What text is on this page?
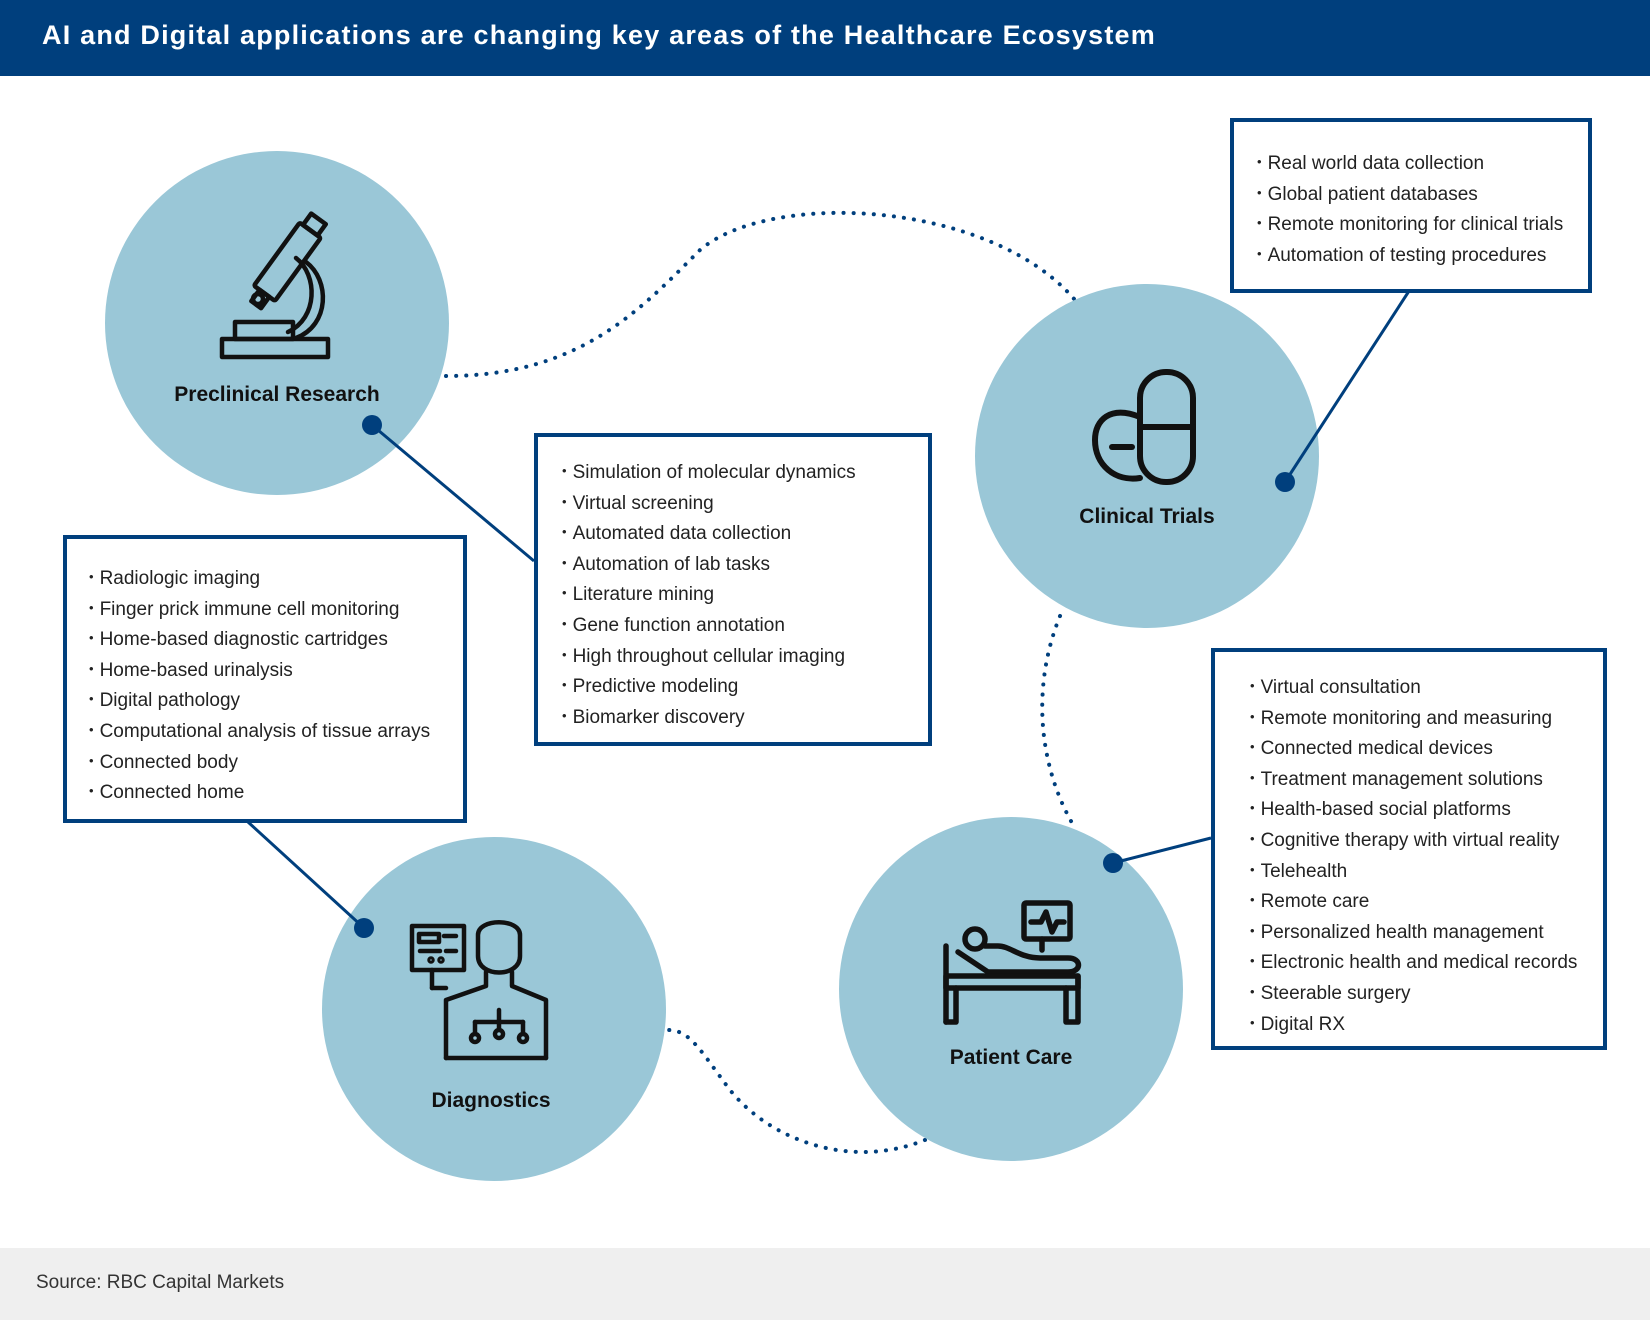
AI and Digital applications are changing key areas of the Healthcare Ecosystem
Preclinical Research
Clinical Trials
Diagnostics
Patient Care
• Simulation of molecular dynamics
• Virtual screening
• Automated data collection
• Automation of lab tasks
• Literature mining
• Gene function annotation
• High throughout cellular imaging
• Predictive modeling
• Biomarker discovery
• Real world data collection
• Global patient databases
• Remote monitoring for clinical trials
• Automation of testing procedures
• Radiologic imaging
• Finger prick immune cell monitoring
• Home-based diagnostic cartridges
• Home-based urinalysis
• Digital pathology
• Computational analysis of tissue arrays
• Connected body
• Connected home
• Virtual consultation
• Remote monitoring and measuring
• Connected medical devices
• Treatment management solutions
• Health-based social platforms
• Cognitive therapy with virtual reality
• Telehealth
• Remote care
• Personalized health management
• Electronic health and medical records
• Steerable surgery
• Digital RX
Source: RBC Capital Markets
